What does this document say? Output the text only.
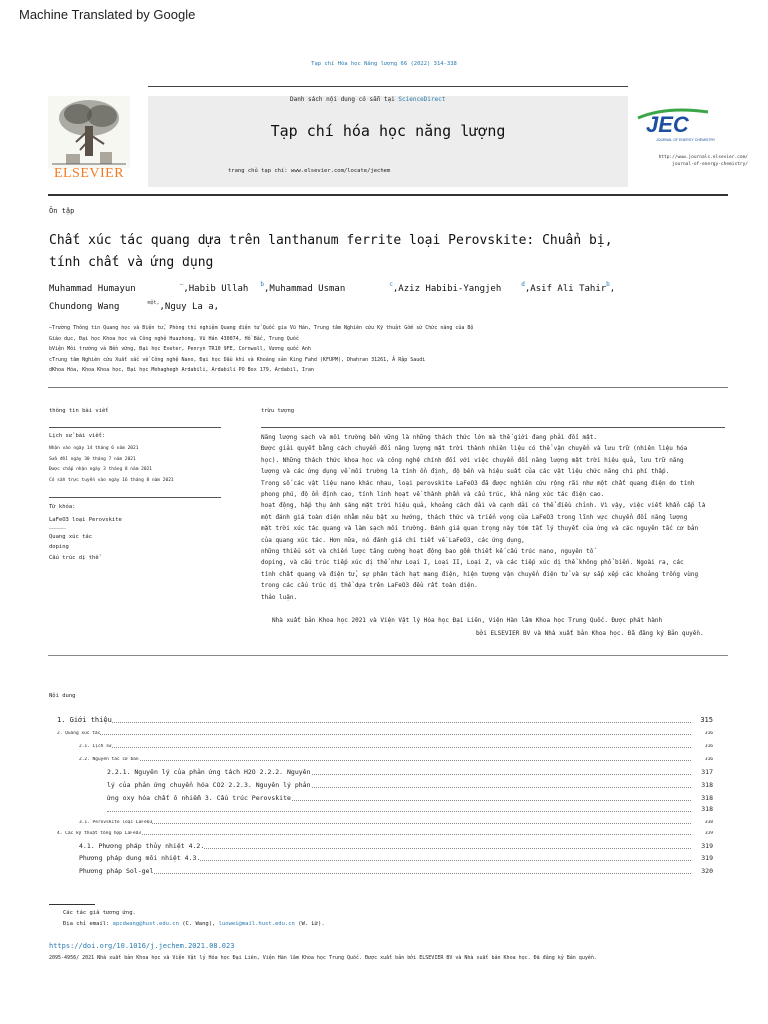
Machine Translated by Google
Tạp chí Hóa học Năng lượng 66 (2022) 314-338
ELSEVIER
Danh sách nội dung có sẵn tại ScienceDirect
Tạp chí hóa học năng lượng
trang chủ tạp chí: www.elsevier.com/locate/jechem
JEC
JOURNAL OF ENERGY CHEMISTRY
http://www.journals.elsevier.com/
journal-of-energy-chemistry/
Ôn tập
Chất xúc tác quang dựa trên lanthanum ferrite loại Perovskite: Chuẩn bị,
tính chất và ứng dụng
Muhammad Humayun	–,Habib Ullah $^b$,Muhammad Usman	$^c$,Aziz Habibi-Yangjeh	$^d$,Asif Ali Tahir$^b$,
Chundong Wang	$^{một,}$,Nguy La a,
–Trường Thông tin Quang học và Điện tử, Phòng thí nghiệm Quang điện tử Quốc gia Vũ Hán, Trung tâm Nghiên cứu Kỹ thuật Gốm sứ Chức năng của Bộ
Giáo dục, Đại học Khoa học và Công nghệ Huazhong, Vũ Hán 430074, Hồ Bắc, Trung Quốc
bViện Môi trường và Bền vững, Đại học Exeter, Penryn TR10 9FE, Cornwall, Vương quốc Anh
cTrung tâm Nghiên cứu Xuất sắc về Công nghệ Nano, Đại học Dầu khí và Khoáng sản King Fahd (KFUPM), Dhahran 31261, Ả Rập Saudi
dKhoa Hóa, Khoa Khoa học, Đại học Mohaghegh Ardabili, Ardabili PO Box 179, Ardabil, Iran
thông tin bài viết
Lịch sử bài viết:
Nhận vào ngày 14 tháng 6 năm 2021
Sửa đổi ngày 30 tháng 7 năm 2021
Được chấp nhận ngày 3 tháng 8 năm 2021
Có sẵn trực tuyến vào ngày 16 tháng 8 năm 2021
Từ khóa:
LaFeO3 loại Perovskite
———————
Quang xúc tác
doping
Cấu trúc dị thể
trừu tượng
Năng lượng sạch và môi trường bền vững là những thách thức lớn mà thế giới đang phải đối mặt.
Được giải quyết bằng cách chuyển đổi năng lượng mặt trời thành nhiên liệu có thể vận chuyển và lưu trữ (nhiên liệu hóa
học). Những thách thức khoa học và công nghệ chính đối với việc chuyển đổi năng lượng mặt trời hiệu quả, lưu trữ năng
lượng và các ứng dụng về môi trường là tính ổn định, độ bền và hiệu suất của các vật liệu chức năng chi phí thấp.
Trong số các vật liệu nano khác nhau, loại perovskite LaFeO3 đã được nghiên cứu rộng rãi như một chất quang điện do tính
phong phú, độ ổn định cao, tính linh hoạt về thành phần và cấu trúc, khả năng xúc tác điện cao.
hoạt động, hấp thụ ánh sáng mặt trời hiệu quả, khoảng cách dải và cạnh dải có thể điều chỉnh. Vì vậy, việc viết khẩn cấp là
một đánh giá toàn diện nhằm nêu bật xu hướng, thách thức và triển vọng của LaFeO3 trong lĩnh vực chuyển đổi năng lượng
mặt trời xúc tác quang và làm sạch môi trường. Đánh giá quan trọng này tóm tắt lý thuyết của ứng và các nguyên tắc cơ bản
của quang xúc tác. Hơn nữa, nó đánh giá chi tiết về LaFeO3, các ứng dụng,
những thiếu sót và chiến lược tăng cường hoạt động bao gồm thiết kế cấu trúc nano, nguyên tố
doping, và cấu trúc tiếp xúc dị thể như Loại I, Loại II, Loại Z, và các tiếp xúc dị thể không phổ biến. Ngoài ra, các
tính chất quang và điện tử, sự phân tách hạt mang điện, hiện tượng vận chuyển điện tử và sự sắp xếp các khoảng trống vùng
trong các cấu trúc dị thể dựa trên LaFeO3 đều rất toàn diện.
thảo luận.
Nhà xuất bản Khoa học 2021 và Viện Vật lý Hóa học Đại Liên, Viện Hàn lâm Khoa học Trung Quốc. Được phát hành
bởi ELSEVIER BV và Nhà xuất bản Khoa học. Đã đăng ký Bản quyền.
Nội dung
1. Giới thiệu	315
2. Quang xúc tác	316
2.1. Lịch sử	316
2.2. Nguyên tắc cơ bản	316
2.2.1. Nguyên lý của phản ứng tách H2O 2.2.2. Nguyên	317
lý của phản ứng chuyển hóa CO2 2.2.3. Nguyên lý phản	318
ứng oxy hóa chất ô nhiễm 3. Cấu trúc Perovskite	318
318
3.1. Perovskite loại LaFeO3	318
4. Các kỹ thuật tổng hợp LaFeO3	319
4.1. Phương pháp thủy nhiệt 4.2.	319
Phương pháp dung môi nhiệt 4.3.	319
Phương pháp Sol-gel	320
Các tác giả tương ứng.
Địa chỉ email: apcdwang@hust.edu.cn (C. Wang), luowei@mail.hust.edu.cn (W. Lữ).
https://doi.org/10.1016/j.jechem.2021.08.023
2095-4956/ 2021 Nhà xuất bản Khoa học và Viện Vật lý Hóa học Đại Liên, Viện Hàn lâm Khoa học Trung Quốc. Được xuất bản bởi ELSEVIER BV và Nhà xuất bản Khoa học. Đã đăng ký Bản quyền.
